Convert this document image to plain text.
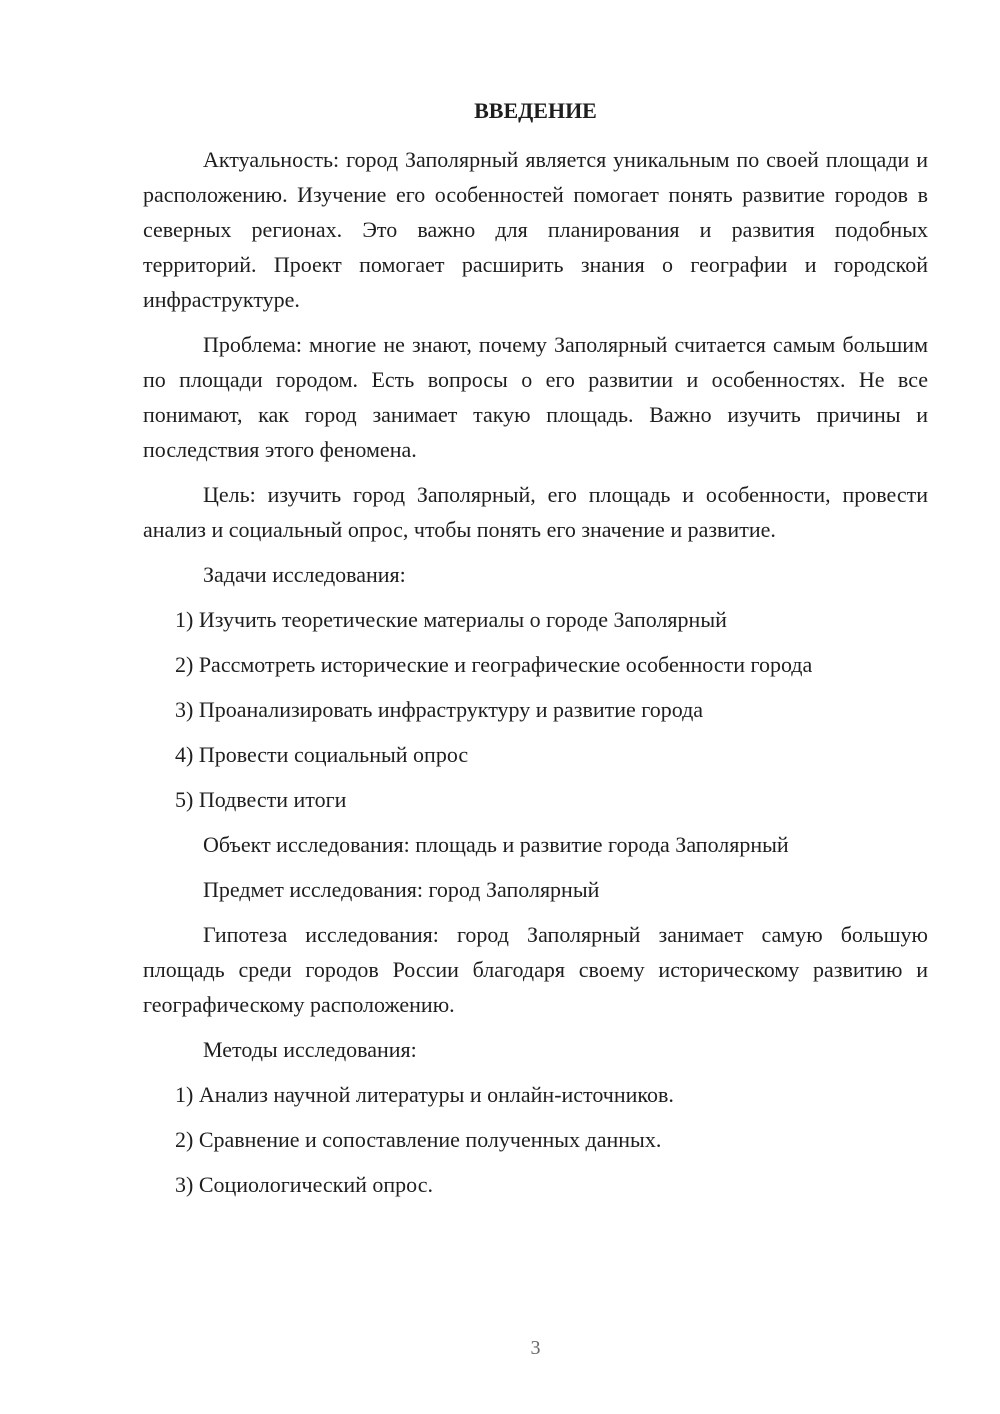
ВВЕДЕНИЕ

Актуальность: город Заполярный является уникальным по своей площади и расположению. Изучение его особенностей помогает понять развитие городов в северных регионах. Это важно для планирования и развития подобных территорий. Проект помогает расширить знания о географии и городской инфраструктуре.

Проблема: многие не знают, почему Заполярный считается самым большим по площади городом. Есть вопросы о его развитии и особенностях. Не все понимают, как город занимает такую площадь. Важно изучить причины и последствия этого феномена.

Цель: изучить город Заполярный, его площадь и особенности, провести анализ и социальный опрос, чтобы понять его значение и развитие.

Задачи исследования:

1) Изучить теоретические материалы о городе Заполярный

2) Рассмотреть исторические и географические особенности города

3) Проанализировать инфраструктуру и развитие города

4) Провести социальный опрос

5) Подвести итоги

Объект исследования: площадь и развитие города Заполярный

Предмет исследования: город Заполярный

Гипотеза исследования: город Заполярный занимает самую большую площадь среди городов России благодаря своему историческому развитию и географическому расположению.

Методы исследования:

1) Анализ научной литературы и онлайн-источников.

2) Сравнение и сопоставление полученных данных.

3) Социологический опрос.

3
